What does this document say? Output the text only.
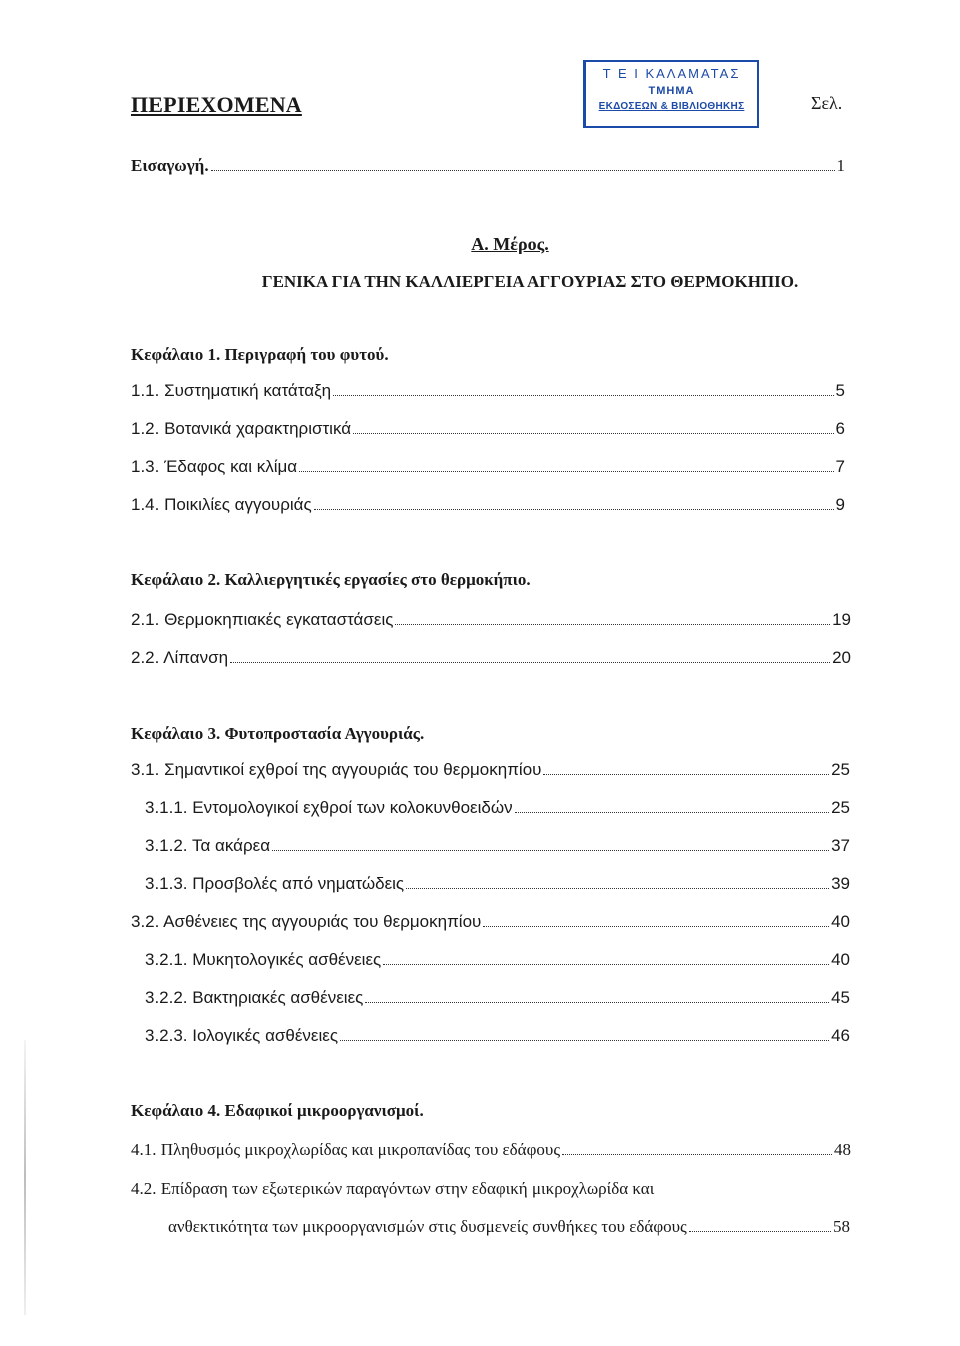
ΠΕΡΙΕΧΟΜΕΝΑ	Σελ.
Τ Ε Ι ΚΑΛΑΜΑΤΑΣ
ΤΜΗΜΑ
ΕΚΔΟΣΕΩΝ & ΒΙΒΛΙΟΘΗΚΗΣ
Εισαγωγή.	1
Α. Μέρος.
ΓΕΝΙΚΑ ΓΙΑ ΤΗΝ ΚΑΛΛΙΕΡΓΕΙΑ ΑΓΓΟΥΡΙΑΣ ΣΤΟ ΘΕΡΜΟΚΗΠΙΟ.
Κεφάλαιο 1. Περιγραφή του φυτού.
1.1. Συστηματική κατάταξη	5
1.2. Βοτανικά χαρακτηριστικά	6
1.3. Έδαφος και κλίμα	7
1.4. Ποικιλίες αγγουριάς	9
Κεφάλαιο 2. Καλλιεργητικές εργασίες στο θερμοκήπιο.
2.1. Θερμοκηπιακές εγκαταστάσεις	19
2.2. Λίπανση	20
Κεφάλαιο 3. Φυτοπροστασία Αγγουριάς.
3.1. Σημαντικοί εχθροί της αγγουριάς του θερμοκηπίου	25
3.1.1. Εντομολογικοί εχθροί των κολοκυνθοειδών	25
3.1.2. Τα ακάρεα	37
3.1.3. Προσβολές από νηματώδεις	39
3.2. Ασθένειες της αγγουριάς του θερμοκηπίου	40
3.2.1. Μυκητολογικές ασθένειες	40
3.2.2. Βακτηριακές ασθένειες	45
3.2.3. Ιολογικές ασθένειες	46
Κεφάλαιο 4. Εδαφικοί μικροοργανισμοί.
4.1. Πληθυσμός μικροχλωρίδας και μικροπανίδας του εδάφους	48
4.2. Επίδραση των εξωτερικών παραγόντων στην εδαφική μικροχλωρίδα και
ανθεκτικότητα των μικροοργανισμών στις δυσμενείς συνθήκες του εδάφους	58
